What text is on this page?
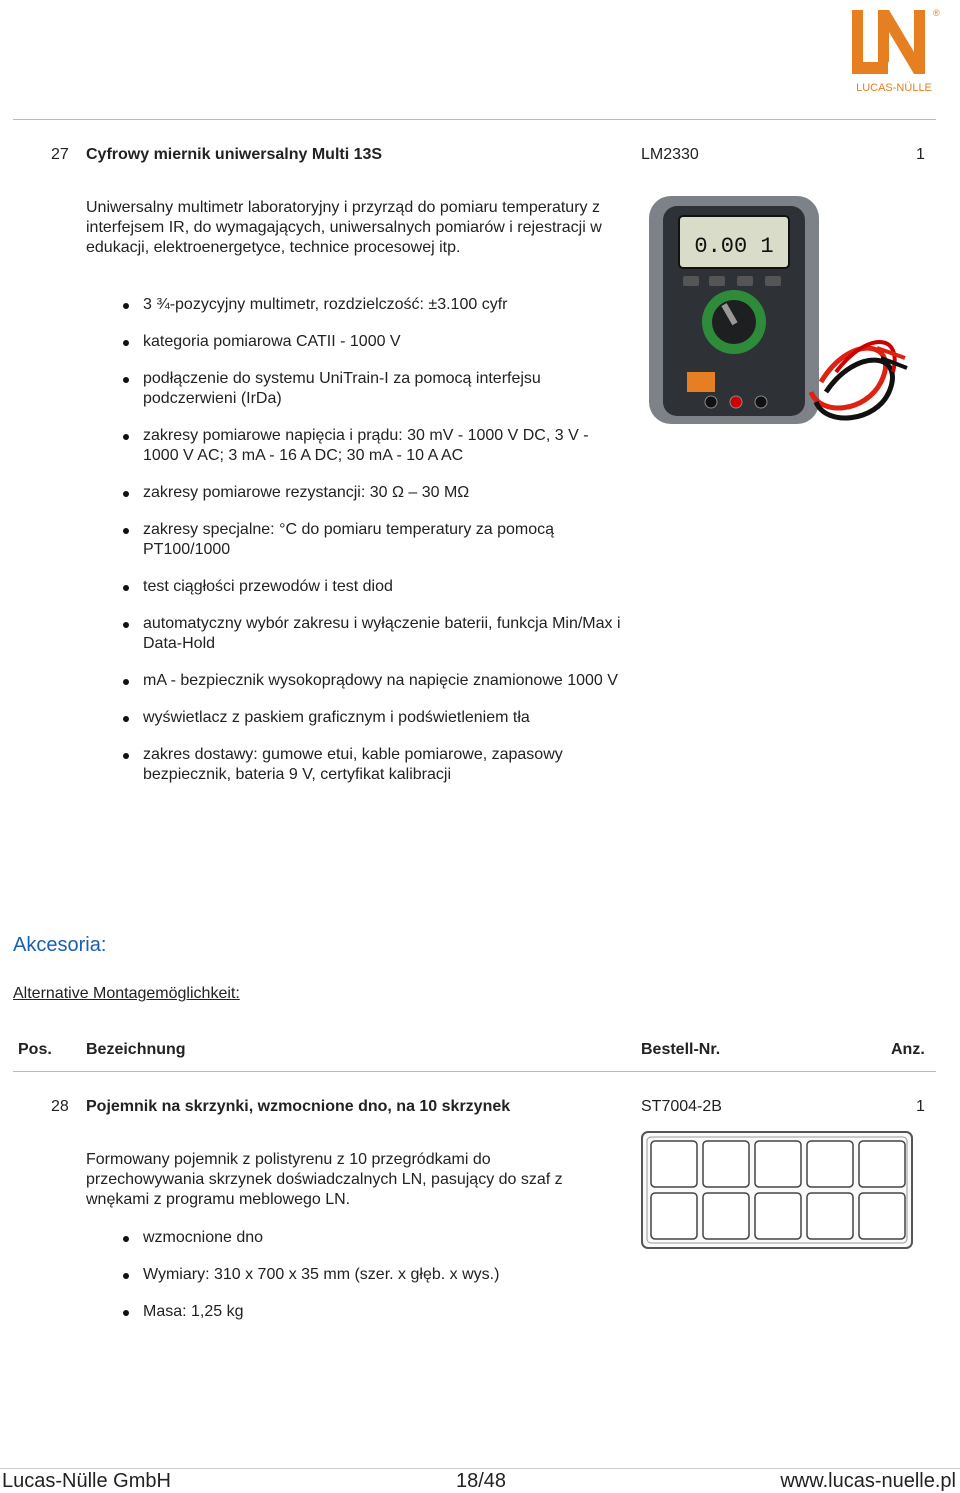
®
LUCAS-NÜLLE
27 Cyfrowy miernik uniwersalny Multi 13S	LM2330	1
Uniwersalny multimetr laboratoryjny i przyrząd do pomiaru temperatury z interfejsem IR, do wymagających, uniwersalnych pomiarów i rejestracji w edukacji, elektroenergetyce, technice procesowej itp.
3 ¾-pozycyjny multimetr, rozdzielczość: ±3.100 cyfr
kategoria pomiarowa CATII - 1000 V
podłączenie do systemu UniTrain-I za pomocą interfejsu podczerwieni (IrDa)
zakresy pomiarowe napięcia i prądu: 30 mV - 1000 V DC, 3 V - 1000 V AC; 3 mA - 16 A DC; 30 mA - 10 A AC
zakresy pomiarowe rezystancji: 30 Ω – 30 MΩ
zakresy specjalne: °C do pomiaru temperatury za pomocą PT100/1000
test ciągłości przewodów i test diod
automatyczny wybór zakresu i wyłączenie baterii, funkcja Min/Max i Data-Hold
mA - bezpiecznik wysokoprądowy na napięcie znamionowe 1000 V
wyświetlacz z paskiem graficznym i podświetleniem tła
zakres dostawy: gumowe etui, kable pomiarowe, zapasowy bezpiecznik, bateria 9 V, certyfikat kalibracji
0.00 1
Akcesoria:
Alternative Montagemöglichkeit:
Pos. Bezeichnung	Bestell-Nr.	Anz.
28 Pojemnik na skrzynki, wzmocnione dno, na 10 skrzynek	ST7004-2B	1
Formowany pojemnik z polistyrenu z 10 przegródkami do przechowywania skrzynek doświadczalnych LN, pasujący do szaf z wnękami z programu meblowego LN.
wzmocnione dno
Wymiary: 310 x 700 x 35 mm (szer. x głęb. x wys.)
Masa: 1,25 kg
Lucas-Nülle GmbH	18/48	www.lucas-nuelle.pl
